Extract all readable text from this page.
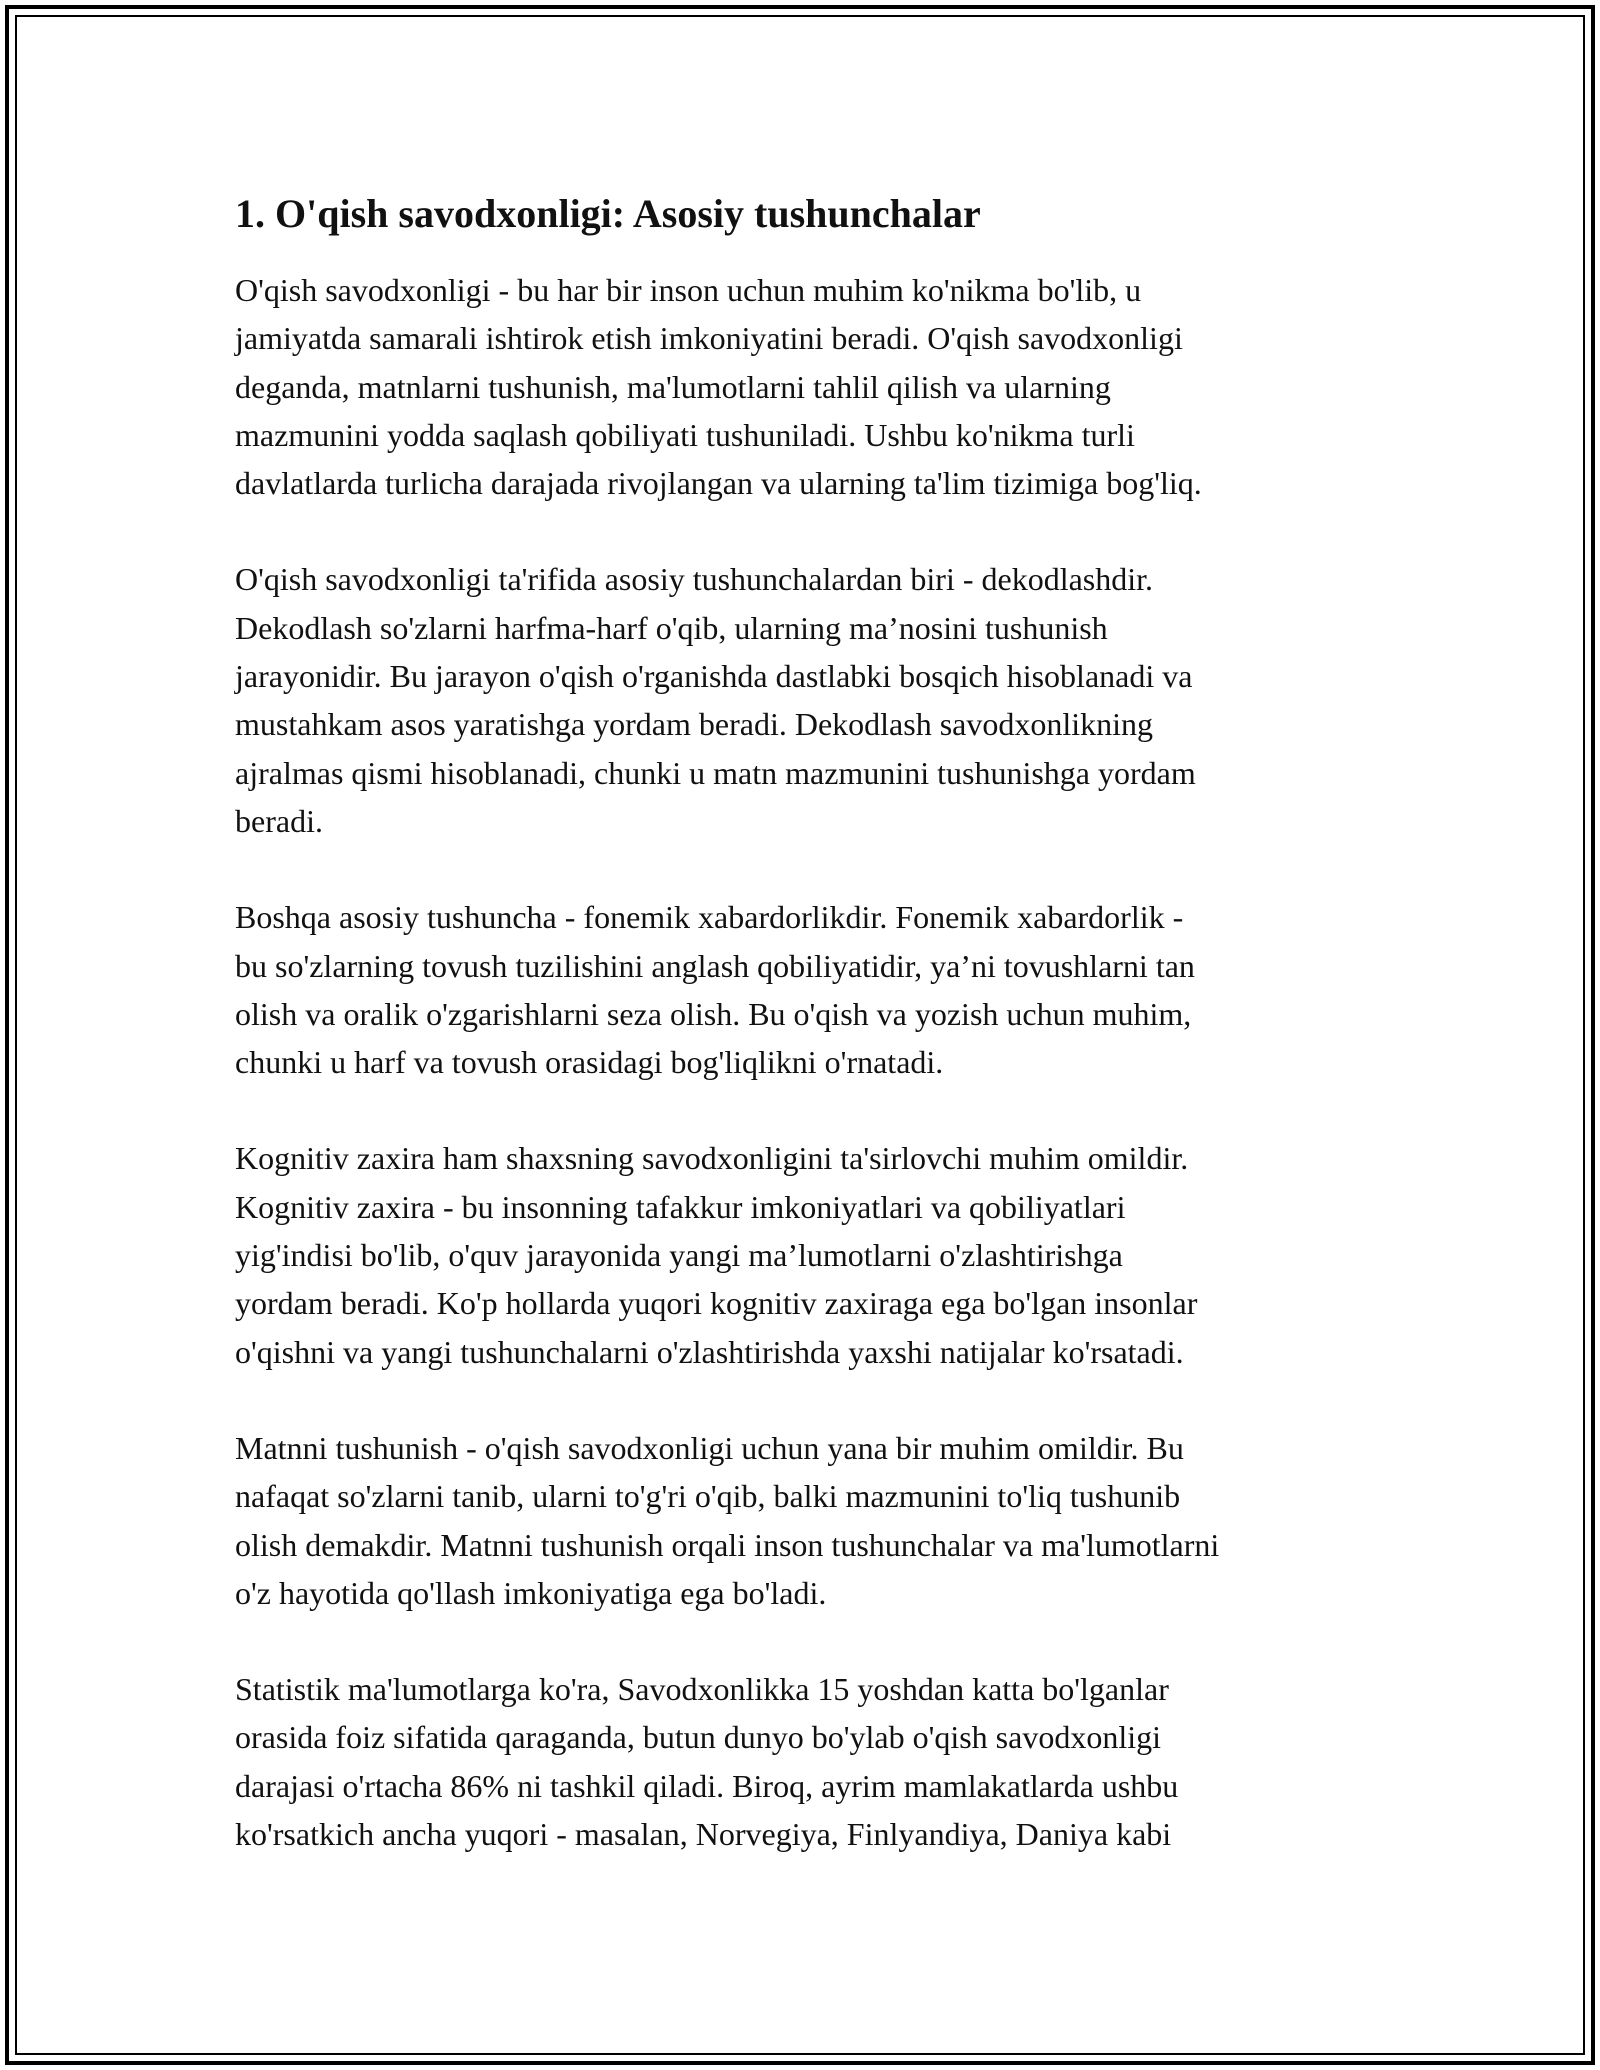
1. O'qish savodxonligi: Asosiy tushunchalar

O'qish savodxonligi - bu har bir inson uchun muhim ko'nikma bo'lib, u
jamiyatda samarali ishtirok etish imkoniyatini beradi. O'qish savodxonligi
deganda, matnlarni tushunish, ma'lumotlarni tahlil qilish va ularning
mazmunini yodda saqlash qobiliyati tushuniladi. Ushbu ko'nikma turli
davlatlarda turlicha darajada rivojlangan va ularning ta'lim tizimiga bog'liq.

O'qish savodxonligi ta'rifida asosiy tushunchalardan biri - dekodlashdir.
Dekodlash so'zlarni harfma-harf o'qib, ularning ma’nosini tushunish
jarayonidir. Bu jarayon o'qish o'rganishda dastlabki bosqich hisoblanadi va
mustahkam asos yaratishga yordam beradi. Dekodlash savodxonlikning
ajralmas qismi hisoblanadi, chunki u matn mazmunini tushunishga yordam
beradi.

Boshqa asosiy tushuncha - fonemik xabardorlikdir. Fonemik xabardorlik -
bu so'zlarning tovush tuzilishini anglash qobiliyatidir, ya’ni tovushlarni tan
olish va oralik o'zgarishlarni seza olish. Bu o'qish va yozish uchun muhim,
chunki u harf va tovush orasidagi bog'liqlikni o'rnatadi.

Kognitiv zaxira ham shaxsning savodxonligini ta'sirlovchi muhim omildir.
Kognitiv zaxira - bu insonning tafakkur imkoniyatlari va qobiliyatlari
yig'indisi bo'lib, o'quv jarayonida yangi ma’lumotlarni o'zlashtirishga
yordam beradi. Ko'p hollarda yuqori kognitiv zaxiraga ega bo'lgan insonlar
o'qishni va yangi tushunchalarni o'zlashtirishda yaxshi natijalar ko'rsatadi.

Matnni tushunish - o'qish savodxonligi uchun yana bir muhim omildir. Bu
nafaqat so'zlarni tanib, ularni to'g'ri o'qib, balki mazmunini to'liq tushunib
olish demakdir. Matnni tushunish orqali inson tushunchalar va ma'lumotlarni
o'z hayotida qo'llash imkoniyatiga ega bo'ladi.

Statistik ma'lumotlarga ko'ra, Savodxonlikka 15 yoshdan katta bo'lganlar
orasida foiz sifatida qaraganda, butun dunyo bo'ylab o'qish savodxonligi
darajasi o'rtacha 86% ni tashkil qiladi. Biroq, ayrim mamlakatlarda ushbu
ko'rsatkich ancha yuqori - masalan, Norvegiya, Finlyandiya, Daniya kabi
